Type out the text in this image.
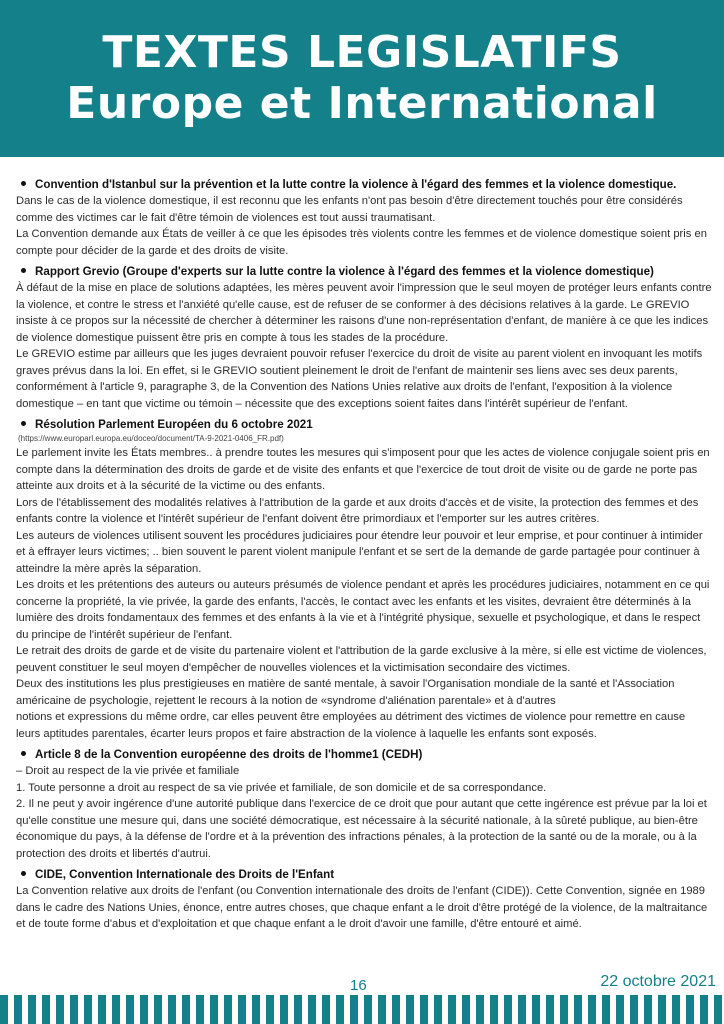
TEXTES LEGISLATIFS
Europe et International
Convention d'Istanbul sur la prévention et la lutte contre la violence à l'égard des femmes et la violence domestique.

Dans le cas de la violence domestique, il est reconnu que les enfants n'ont pas besoin d'être directement touchés pour être considérés comme des victimes car le fait d'être témoin de violences est tout aussi traumatisant.

La Convention demande aux États de veiller à ce que les épisodes très violents contre les femmes et de violence domestique soient pris en compte pour décider de la garde et des droits de visite.

Rapport Grevio (Groupe d'experts sur la lutte contre la violence à l'égard des femmes et la violence domestique)

À défaut de la mise en place de solutions adaptées, les mères peuvent avoir l'impression que le seul moyen de protéger leurs enfants contre la violence, et contre le stress et l'anxiété qu'elle cause, est de refuser de se conformer à des décisions relatives à la garde. Le GREVIO insiste à ce propos sur la nécessité de chercher à déterminer les raisons d'une non-représentation d'enfant, de manière à ce que les indices de violence domestique puissent être pris en compte à tous les stades de la procédure.

Le GREVIO estime par ailleurs que les juges devraient pouvoir refuser l'exercice du droit de visite au parent violent en invoquant les motifs graves prévus dans la loi. En effet, si le GREVIO soutient pleinement le droit de l'enfant de maintenir ses liens avec ses deux parents, conformément à l'article 9, paragraphe 3, de la Convention des Nations Unies relative aux droits de l'enfant, l'exposition à la violence domestique – en tant que victime ou témoin – nécessite que des exceptions soient faites dans l'intérêt supérieur de l'enfant.

Résolution Parlement Européen du 6 octobre 2021
(https://www.europarl.europa.eu/doceo/document/TA-9-2021-0406_FR.pdf)

Le parlement invite les États membres.. à prendre toutes les mesures qui s'imposent pour que les actes de violence conjugale soient pris en compte dans la détermination des droits de garde et de visite des enfants et que l'exercice de tout droit de visite ou de garde ne porte pas atteinte aux droits et à la sécurité de la victime ou des enfants.

Lors de l'établissement des modalités relatives à l'attribution de la garde et aux droits d'accès et de visite, la protection des femmes et des enfants contre la violence et l'intérêt supérieur de l'enfant doivent être primordiaux et l'emporter sur les autres critères.

Les auteurs de violences utilisent souvent les procédures judiciaires pour étendre leur pouvoir et leur emprise, et pour continuer à intimider et à effrayer leurs victimes; .. bien souvent le parent violent manipule l'enfant et se sert de la demande de garde partagée pour continuer à atteindre la mère après la séparation.

Les droits et les prétentions des auteurs ou auteurs présumés de violence pendant et après les procédures judiciaires, notamment en ce qui concerne la propriété, la vie privée, la garde des enfants, l'accès, le contact avec les enfants et les visites, devraient être déterminés à la lumière des droits fondamentaux des femmes et des enfants à la vie et à l'intégrité physique, sexuelle et psychologique, et dans le respect du principe de l'intérêt supérieur de l'enfant.

Le retrait des droits de garde et de visite du partenaire violent et l'attribution de la garde exclusive à la mère, si elle est victime de violences, peuvent constituer le seul moyen d'empêcher de nouvelles violences et la victimisation secondaire des victimes.

Deux des institutions les plus prestigieuses en matière de santé mentale, à savoir l'Organisation mondiale de la santé et l'Association américaine de psychologie, rejettent le recours à la notion de «syndrome d'aliénation parentale» et à d'autres

notions et expressions du même ordre, car elles peuvent être employées au détriment des victimes de violence pour remettre en cause leurs aptitudes parentales, écarter leurs propos et faire abstraction de la violence à laquelle les enfants sont exposés.

Article 8 de la Convention européenne des droits de l'homme1 (CEDH)

– Droit au respect de la vie privée et familiale

1. Toute personne a droit au respect de sa vie privée et familiale, de son domicile et de sa correspondance.

2. Il ne peut y avoir ingérence d'une autorité publique dans l'exercice de ce droit que pour autant que cette ingérence est prévue par la loi et qu'elle constitue une mesure qui, dans une société démocratique, est nécessaire à la sécurité nationale, à la sûreté publique, au bien-être économique du pays, à la défense de l'ordre et à la prévention des infractions pénales, à la protection de la santé ou de la morale, ou à la protection des droits et libertés d'autrui.

CIDE, Convention Internationale des Droits de l'Enfant

La Convention relative aux droits de l'enfant (ou Convention internationale des droits de l'enfant (CIDE)). Cette Convention, signée en 1989 dans le cadre des Nations Unies, énonce, entre autres choses, que chaque enfant a le droit d'être protégé de la violence, de la maltraitance et de toute forme d'abus et d'exploitation et que chaque enfant a le droit d'avoir une famille, d'être entouré et aimé.

16	22 octobre 2021
